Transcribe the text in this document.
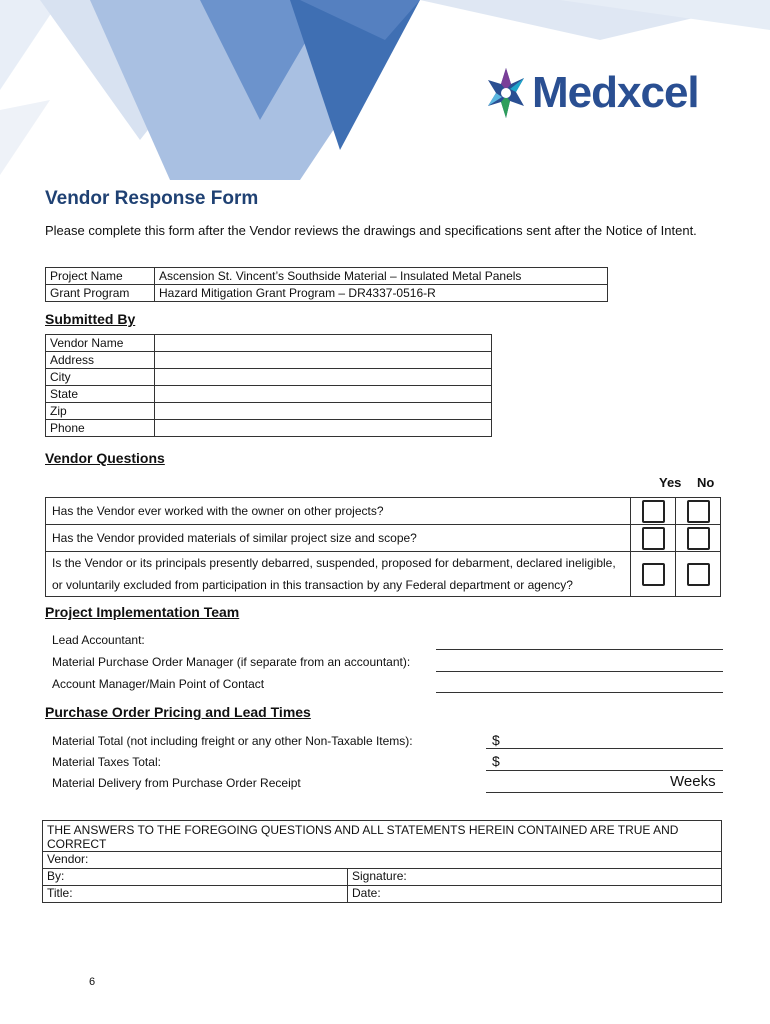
Medxcel
Vendor Response Form
Please complete this form after the Vendor reviews the drawings and specifications sent after the Notice of Intent.
Project Name	Ascension St. Vincent’s Southside Material – Insulated Metal Panels
Grant Program	Hazard Mitigation Grant Program – DR4337-0516-R
Submitted By
Vendor Name	
Address	
City	
State	
Zip	
Phone	
Vendor Questions
Yes No
Has the Vendor ever worked with the owner on other projects?		
Has the Vendor provided materials of similar project size and scope?		

Is the Vendor or its principals presently debarred, suspended, proposed for debarment, declared ineligible,
or voluntarily excluded from participation in this transaction by any Federal department or agency?		

Project Implementation Team
Lead Accountant:
Material Purchase Order Manager (if separate from an accountant):
Account Manager/Main Point of Contact
Purchase Order Pricing and Lead Times
Material Total (not including freight or any other Non-Taxable Items):	$
Material Taxes Total:	$
Material Delivery from Purchase Order Receipt	Weeks
THE ANSWERS TO THE FOREGOING QUESTIONS AND ALL STATEMENTS HEREIN CONTAINED ARE TRUE AND CORRECT	
Vendor:	
By:	Signature:
Title:	Date:
6
